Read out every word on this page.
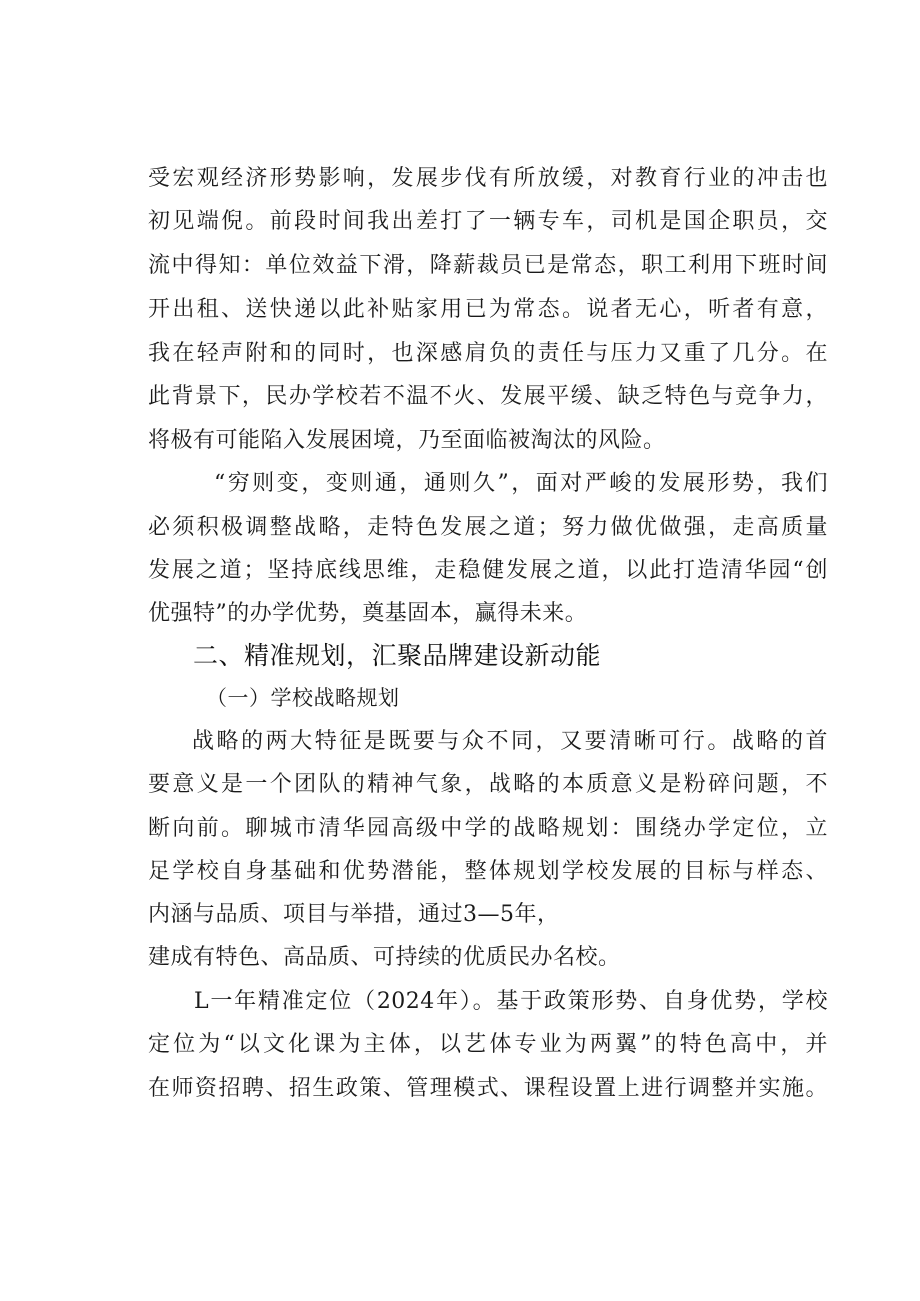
受宏观经济形势影响，发展步伐有所放缓，对教育行业的冲击也
初见端倪。前段时间我出差打了一辆专车，司机是国企职员，交
流中得知：单位效益下滑，降薪裁员已是常态，职工利用下班时间
开出租、送快递以此补贴家用已为常态。说者无心，听者有意，
我在轻声附和的同时，也深感肩负的责任与压力又重了几分。在
此背景下，民办学校若不温不火、发展平缓、缺乏特色与竞争力，
将极有可能陷入发展困境，乃至面临被淘汰的风险。
“穷则变，变则通，通则久”，面对严峻的发展形势，我们
必须积极调整战略，走特色发展之道；努力做优做强，走高质量
发展之道；坚持底线思维，走稳健发展之道，以此打造清华园“创
优强特”的办学优势，奠基固本，赢得未来。
二、精准规划，汇聚品牌建设新动能
（一）学校战略规划
战略的两大特征是既要与众不同，又要清晰可行。战略的首
要意义是一个团队的精神气象，战略的本质意义是粉碎问题，不
断向前。聊城市清华园高级中学的战略规划：围绕办学定位，立
足学校自身基础和优势潜能，整体规划学校发展的目标与样态、
内涵与品质、项目与举措，通过3—5年，
建成有特色、高品质、可持续的优质民办名校。
L一年精准定位（2024年）。基于政策形势、自身优势，学校
定位为“以文化课为主体，以艺体专业为两翼”的特色高中，并
在师资招聘、招生政策、管理模式、课程设置上进行调整并实施。
